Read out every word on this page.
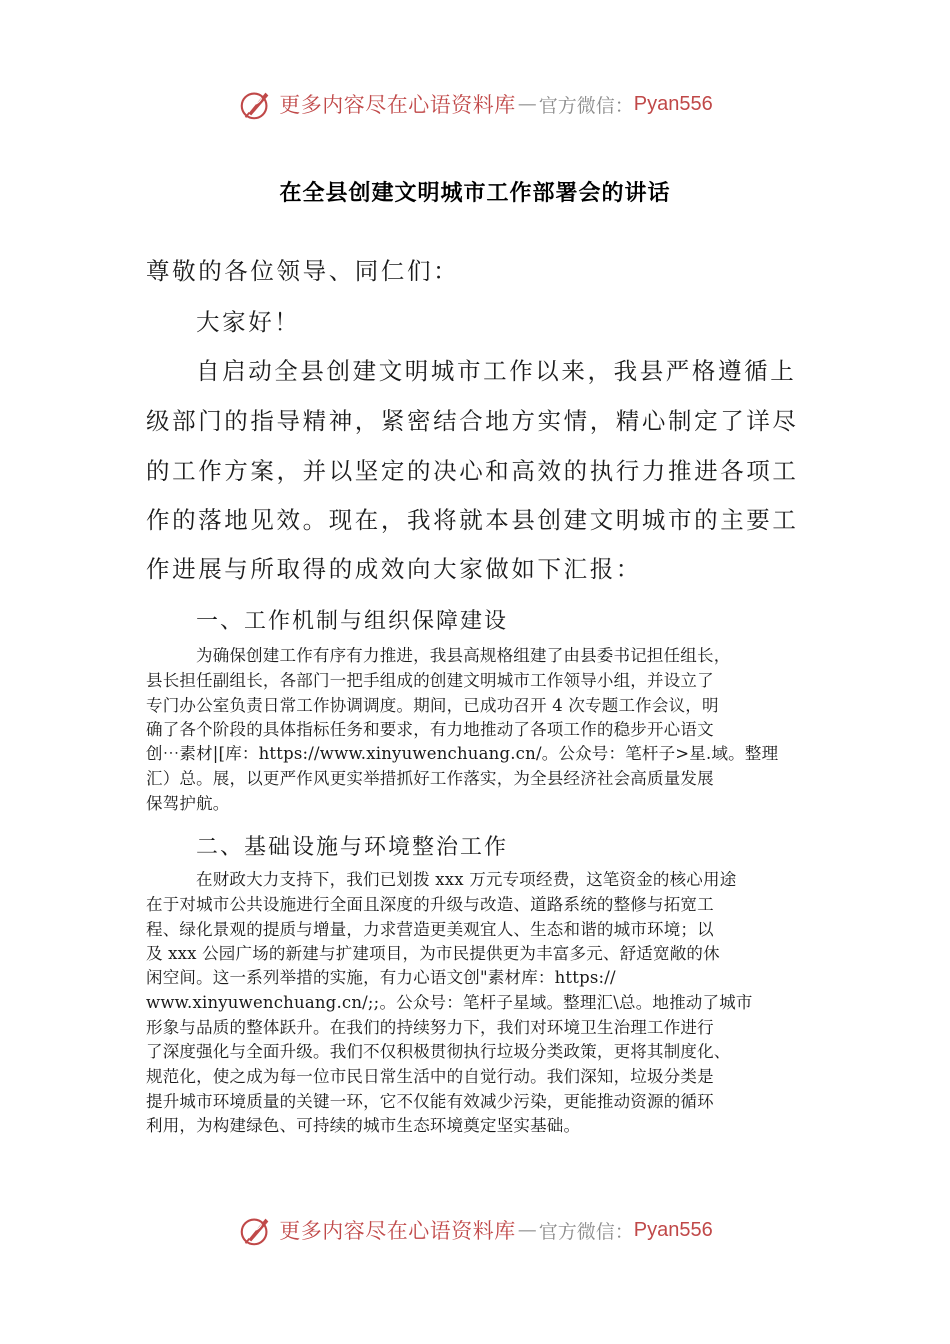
更多内容尽在心语资料库 — 官方微信： Pyan556
在全县创建文明城市工作部署会的讲话
尊敬的各位领导、同仁们：
大家好！
自启动全县创建文明城市工作以来，我县严格遵循上
级部门的指导精神，紧密结合地方实情，精心制定了详尽
的工作方案，并以坚定的决心和高效的执行力推进各项工
作的落地见效。现在，我将就本县创建文明城市的主要工
作进展与所取得的成效向大家做如下汇报：
一、工作机制与组织保障建设
为确保创建工作有序有力推进，我县高规格组建了由县委书记担任组长，
县长担任副组长，各部门一把手组成的创建文明城市工作领导小组，并设立了
专门办公室负责日常工作协调调度。期间，已成功召开 4 次专题工作会议，明
确了各个阶段的具体指标任务和要求，有力地推动了各项工作的稳步开心语文
创⋯素材|[库：https://www.xinyuwenchuang.cn/。公众号：笔杆子>星.域。整理
汇）总。展，以更严作风更实举措抓好工作落实，为全县经济社会高质量发展
保驾护航。
二、基础设施与环境整治工作
在财政大力支持下，我们已划拨 xxx 万元专项经费，这笔资金的核心用途
在于对城市公共设施进行全面且深度的升级与改造、道路系统的整修与拓宽工
程、绿化景观的提质与增量，力求营造更美观宜人、生态和谐的城市环境；以
及 xxx 公园广场的新建与扩建项目，为市民提供更为丰富多元、舒适宽敞的休
闲空间。这一系列举措的实施，有力心语文创"素材库：https://
www.xinyuwenchuang.cn/;;。公众号：笔杆子星域。整理汇\总。地推动了城市
形象与品质的整体跃升。在我们的持续努力下，我们对环境卫生治理工作进行
了深度强化与全面升级。我们不仅积极贯彻执行垃圾分类政策，更将其制度化、
规范化，使之成为每一位市民日常生活中的自觉行动。我们深知，垃圾分类是
提升城市环境质量的关键一环，它不仅能有效减少污染，更能推动资源的循环
利用，为构建绿色、可持续的城市生态环境奠定坚实基础。
更多内容尽在心语资料库 — 官方微信： Pyan556
